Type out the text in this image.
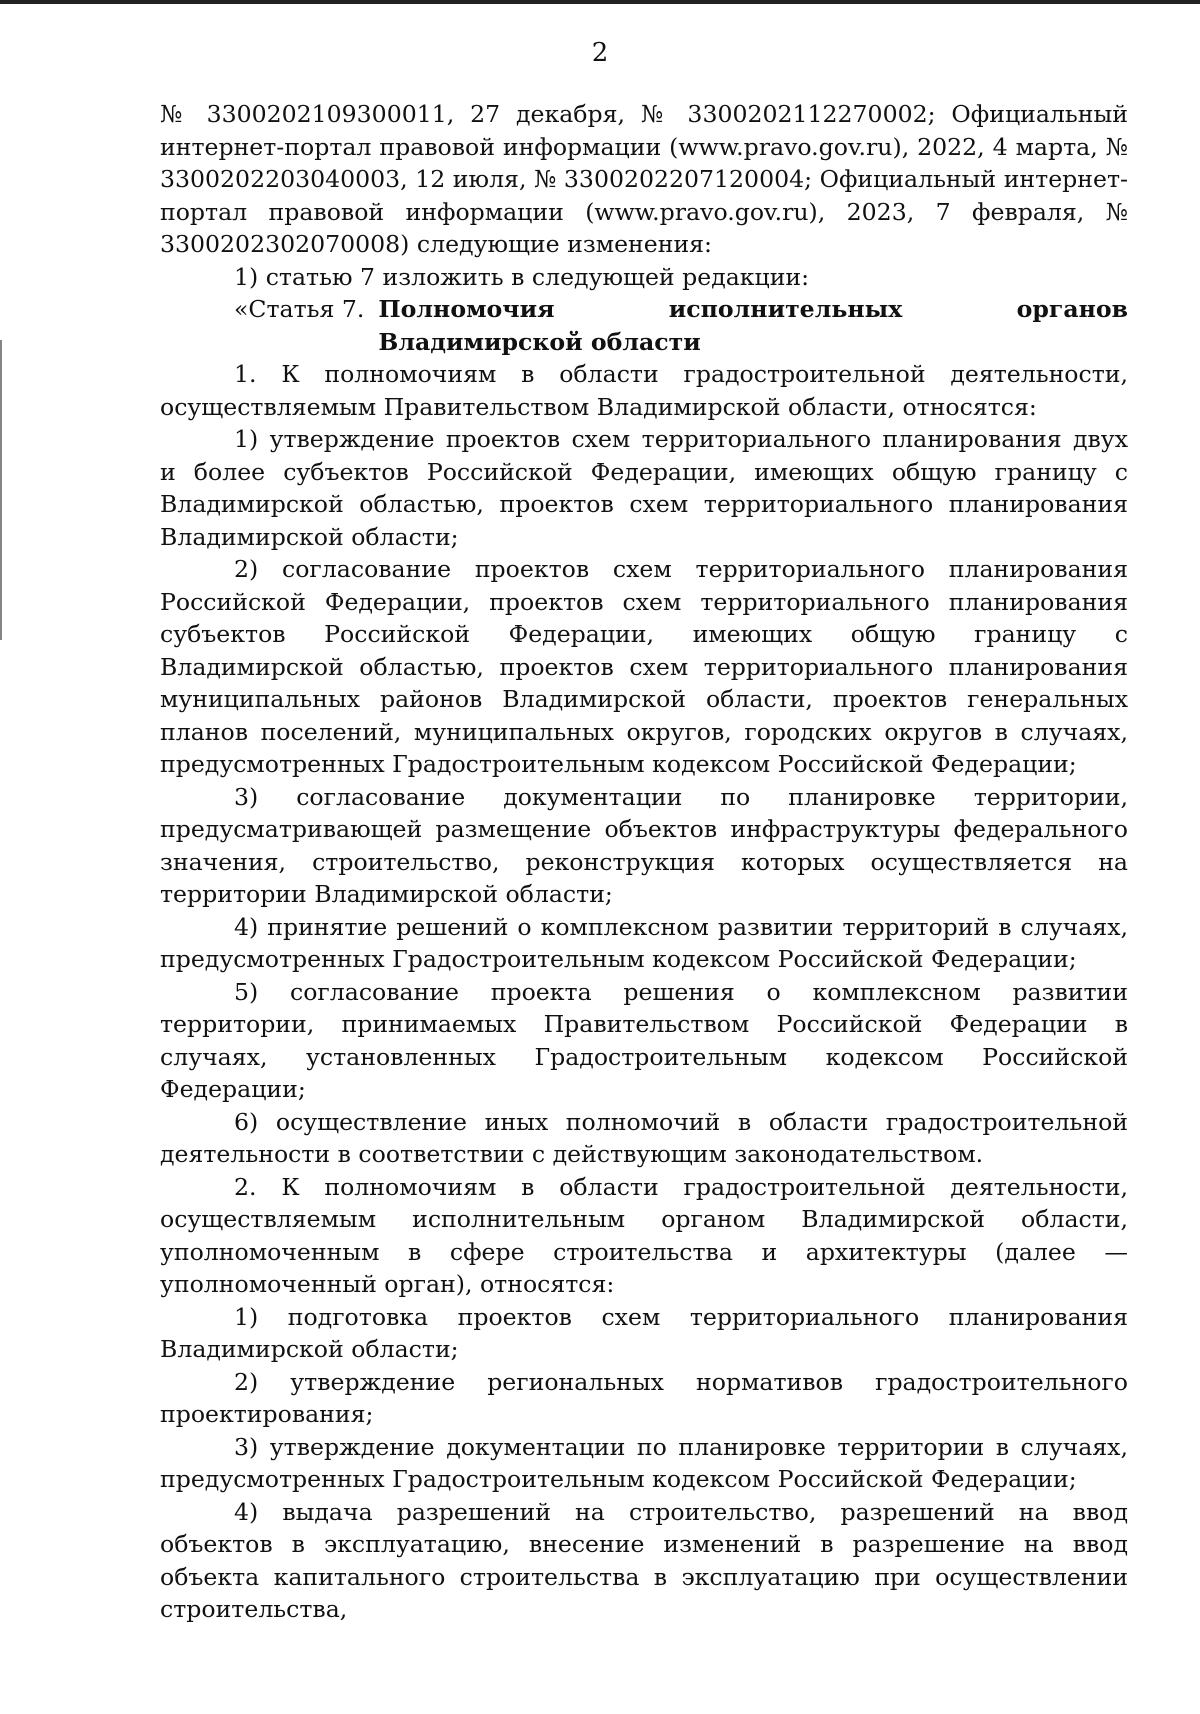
2

№ 3300202109300011, 27 декабря, № 3300202112270002; Официальный интернет-портал правовой информации (www.pravo.gov.ru), 2022, 4 марта, № 3300202203040003, 12 июля, № 3300202207120004; Официальный интернет-портал правовой информации (www.pravo.gov.ru), 2023, 7 февраля, № 3300202302070008) следующие изменения:

1) статью 7 изложить в следующей редакции:

«Статья 7. Полномочия исполнительных органов Владимирской области

1. К полномочиям в области градостроительной деятельности, осуществляемым Правительством Владимирской области, относятся:

1) утверждение проектов схем территориального планирования двух и более субъектов Российской Федерации, имеющих общую границу с Владимирской областью, проектов схем территориального планирования Владимирской области;

2) согласование проектов схем территориального планирования Российской Федерации, проектов схем территориального планирования субъектов Российской Федерации, имеющих общую границу с Владимирской областью, проектов схем территориального планирования муниципальных районов Владимирской области, проектов генеральных планов поселений, муниципальных округов, городских округов в случаях, предусмотренных Градостроительным кодексом Российской Федерации;

3) согласование документации по планировке территории, предусматривающей размещение объектов инфраструктуры федерального значения, строительство, реконструкция которых осуществляется на территории Владимирской области;

4) принятие решений о комплексном развитии территорий в случаях, предусмотренных Градостроительным кодексом Российской Федерации;

5) согласование проекта решения о комплексном развитии территории, принимаемых Правительством Российской Федерации в случаях, установленных Градостроительным кодексом Российской Федерации;

6) осуществление иных полномочий в области градостроительной деятельности в соответствии с действующим законодательством.

2. К полномочиям в области градостроительной деятельности, осуществляемым исполнительным органом Владимирской области, уполномоченным в сфере строительства и архитектуры (далее — уполномоченный орган), относятся:

1) подготовка проектов схем территориального планирования Владимирской области;

2) утверждение региональных нормативов градостроительного проектирования;

3) утверждение документации по планировке территории в случаях, предусмотренных Градостроительным кодексом Российской Федерации;

4) выдача разрешений на строительство, разрешений на ввод объектов в эксплуатацию, внесение изменений в разрешение на ввод объекта капитального строительства в эксплуатацию при осуществлении строительства,
